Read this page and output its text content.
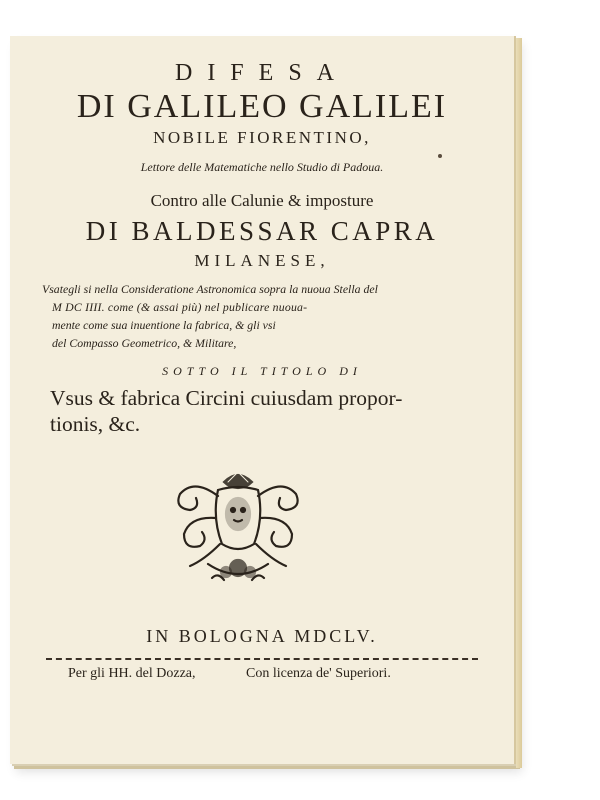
DIFESA
DI GALILEO GALILEI
NOBILE FIORENTINO,
Lettore delle Matematiche nello Studio di Padoua.
Contro alle Calunie & imposture
DI BALDESSAR CAPRA
MILANESE,
Vsategli si nella Consideratione Astronomica sopra la nuoua Stella del
M DC IIII. come (& assai più) nel publicare nuoua-
mente come sua inuentione la fabrica, & gli vsi
del Compasso Geometrico, & Militare,
SOTTO IL TITOLO DI
Vsus & fabrica Circini cuiusdam propor-
tionis, &c.
IN BOLOGNA MDCLV.
Per gli HH. del Dozza,	Con licenza de' Superiori.
